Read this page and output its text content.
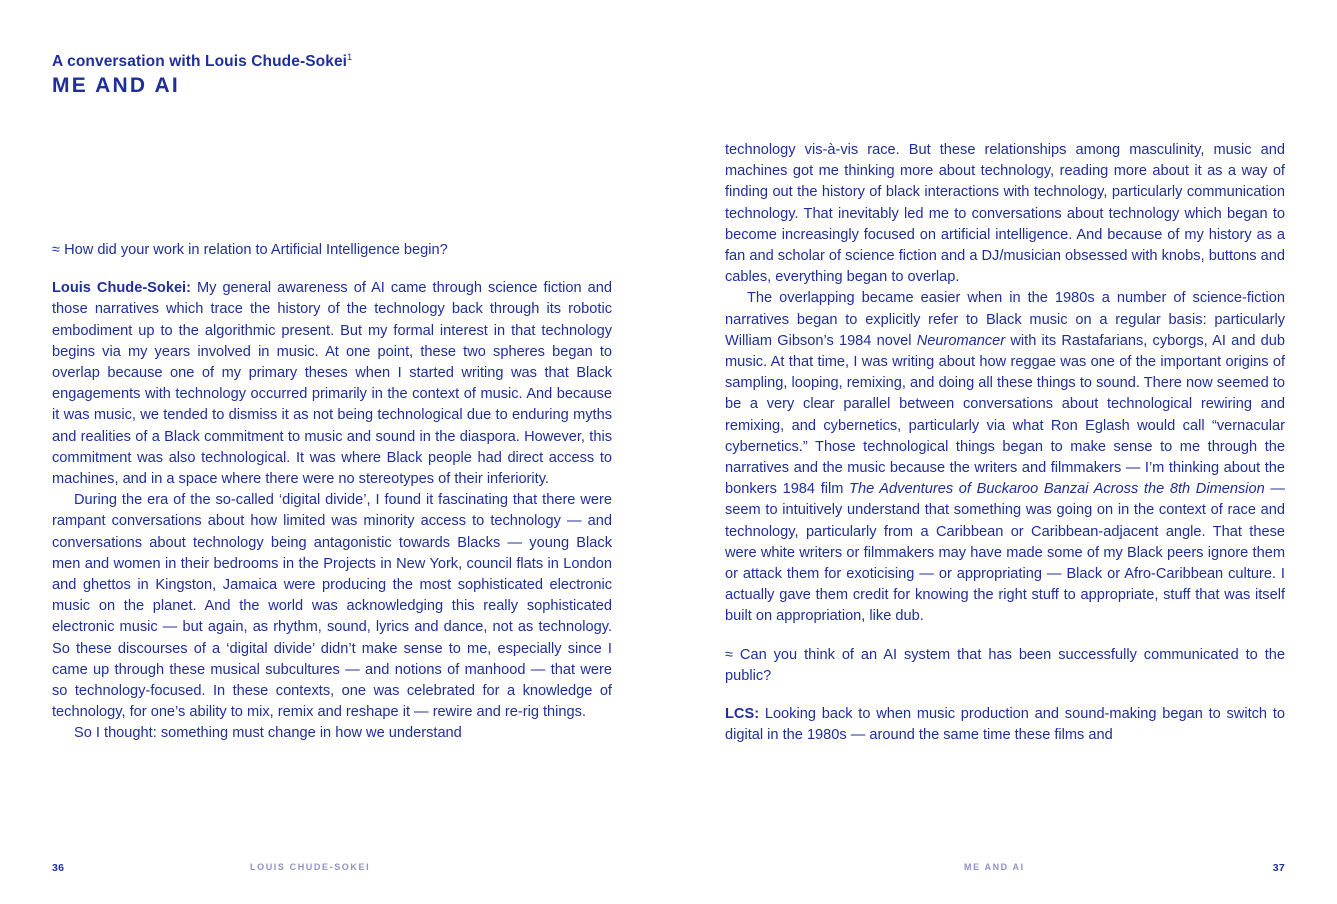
A conversation with Louis Chude-Sokei$^1$
ME AND AI

≈ How did your work in relation to Artificial Intelligence begin?

Louis Chude-Sokei: My general awareness of AI came through science fiction and those narratives which trace the history of the technology back through its robotic embodiment up to the algorithmic present. But my formal interest in that technology begins via my years involved in music. At one point, these two spheres began to overlap because one of my primary theses when I started writing was that Black engagements with technology occurred primarily in the context of music. And because it was music, we tended to dismiss it as not being technological due to enduring myths and realities of a Black commitment to music and sound in the diaspora. However, this commitment was also technological. It was where Black people had direct access to machines, and in a space where there were no stereotypes of their inferiority.

During the era of the so-called ‘digital divide’, I found it fascinating that there were rampant conversations about how limited was minority access to technology — and conversations about technology being antagonistic towards Blacks — young Black men and women in their bedrooms in the Projects in New York, council flats in London and ghettos in Kingston, Jamaica were producing the most sophisticated electronic music on the planet. And the world was acknowledging this really sophisticated electronic music — but again, as rhythm, sound, lyrics and dance, not as technology. So these discourses of a ‘digital divide’ didn’t make sense to me, especially since I came up through these musical subcultures — and notions of manhood — that were so technology-focused. In these contexts, one was celebrated for a knowledge of technology, for one’s ability to mix, remix and reshape it — rewire and re-rig things.

So I thought: something must change in how we understand

technology vis-à-vis race. But these relationships among masculinity, music and machines got me thinking more about technology, reading more about it as a way of finding out the history of black interactions with technology, particularly communication technology. That inevitably led me to conversations about technology which began to become increasingly focused on artificial intelligence. And because of my history as a fan and scholar of science fiction and a DJ/musician obsessed with knobs, buttons and cables, everything began to overlap.

The overlapping became easier when in the 1980s a number of science-fiction narratives began to explicitly refer to Black music on a regular basis: particularly William Gibson’s 1984 novel Neuromancer with its Rastafarians, cyborgs, AI and dub music. At that time, I was writing about how reggae was one of the important origins of sampling, looping, remixing, and doing all these things to sound. There now seemed to be a very clear parallel between conversations about technological rewiring and remixing, and cybernetics, particularly via what Ron Eglash would call “vernacular cybernetics.” Those technological things began to make sense to me through the narratives and the music because the writers and filmmakers — I’m thinking about the bonkers 1984 film The Adventures of Buckaroo Banzai Across the 8th Dimension — seem to intuitively understand that something was going on in the context of race and technology, particularly from a Caribbean or Caribbean-adjacent angle. That these were white writers or filmmakers may have made some of my Black peers ignore them or attack them for exoticising — or appropriating — Black or Afro-Caribbean culture. I actually gave them credit for knowing the right stuff to appropriate, stuff that was itself built on appropriation, like dub.

≈ Can you think of an AI system that has been successfully communicated to the public?

LCS: Looking back to when music production and sound-making began to switch to digital in the 1980s — around the same time these films and

36	LOUIS CHUDE-SOKEI	ME AND AI	37
